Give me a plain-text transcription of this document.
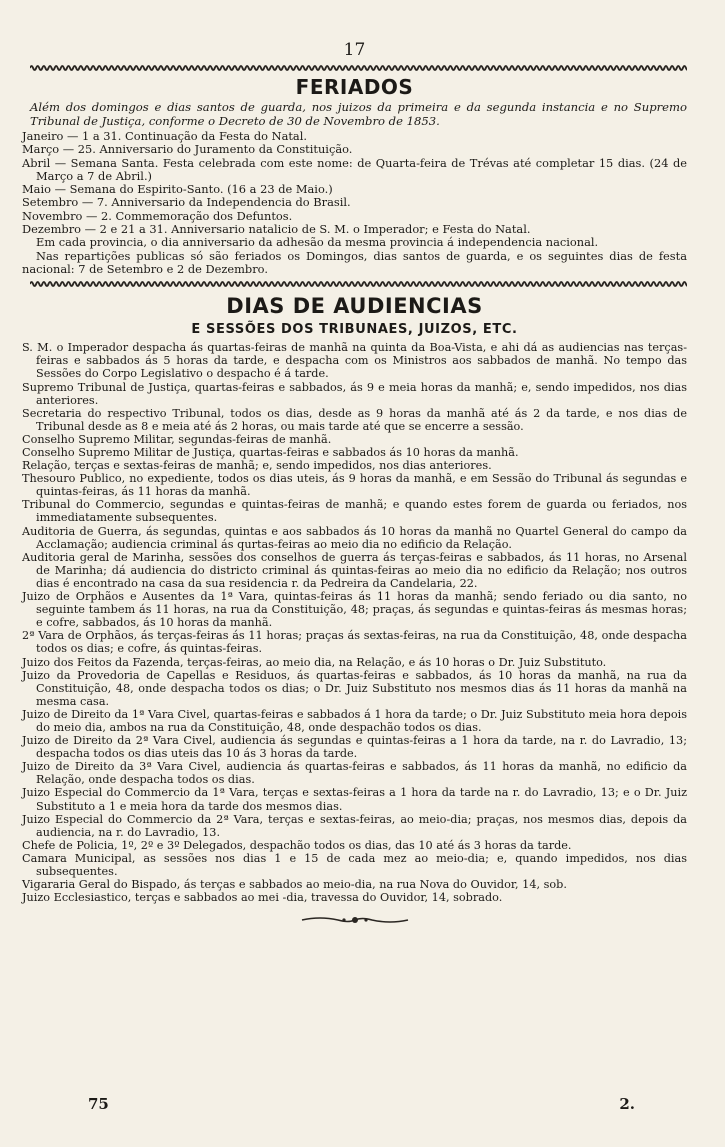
17
FERIADOS

Além dos domingos e dias santos de guarda, nos juizos da primeira e da segunda instancia e no Supremo Tribunal de Justiça, conforme o Decreto de 30 de Novembro de 1853.

Janeiro — 1 a 31. Continuação da Festa do Natal.

Março — 25. Anniversario do Juramento da Constituição.

Abril — Semana Santa. Festa celebrada com este nome: de Quarta-feira de Trévas até completar 15 dias. (24 de Março a 7 de Abril.)

Maio — Semana do Espirito-Santo. (16 a 23 de Maio.)

Setembro — 7. Anniversario da Independencia do Brasil.

Novembro — 2. Commemoração dos Defuntos.

Dezembro — 2 e 21 a 31. Anniversario natalicio de S. M. o Imperador; e Festa do Natal.

Em cada provincia, o dia anniversario da adhesão da mesma provincia á independencia nacional.

Nas repartições publicas só são feriados os Domingos, dias santos de guarda, e os seguintes dias de festa nacional: 7 de Setembro e 2 de Dezembro.

DIAS DE AUDIENCIAS
E SESSÕES DOS TRIBUNAES, JUIZOS, ETC.

S. M. o Imperador despacha ás quartas-feiras de manhã na quinta da Boa-Vista, e ahi dá as audiencias nas terças-feiras e sabbados ás 5 horas da tarde, e despacha com os Ministros aos sabbados de manhã. No tempo das Sessões do Corpo Legislativo o despacho é á tarde.

Supremo Tribunal de Justiça, quartas-feiras e sabbados, ás 9 e meia horas da manhã; e, sendo impedidos, nos dias anteriores.

Secretaria do respectivo Tribunal, todos os dias, desde as 9 horas da manhã até ás 2 da tarde, e nos dias de Tribunal desde as 8 e meia até ás 2 horas, ou mais tarde até que se encerre a sessão.

Conselho Supremo Militar, segundas-feiras de manhã.

Conselho Supremo Militar de Justiça, quartas-feiras e sabbados ás 10 horas da manhã.

Relação, terças e sextas-feiras de manhã; e, sendo impedidos, nos dias anteriores.

Thesouro Publico, no expediente, todos os dias uteis, ás 9 horas da manhã, e em Sessão do Tribunal ás segundas e quintas-feiras, ás 11 horas da manhã.

Tribunal do Commercio, segundas e quintas-feiras de manhã; e quando estes forem de guarda ou feriados, nos immediatamente subsequentes.

Auditoria de Guerra, ás segundas, quintas e aos sabbados ás 10 horas da manhã no Quartel General do campo da Acclamação; audiencia criminal ás qurtas-feiras ao meio dia no edificio da Relação.

Auditoria geral de Marinha, sessões dos conselhos de guerra ás terças-feiras e sabbados, ás 11 horas, no Arsenal de Marinha; dá audiencia do districto criminal ás quintas-feiras ao meio dia no edificio da Relação; nos outros dias é encontrado na casa da sua residencia r. da Pedreira da Candelaria, 22.

Juizo de Orphãos e Ausentes da 1ª Vara, quintas-feiras ás 11 horas da manhã; sendo feriado ou dia santo, no seguinte tambem ás 11 horas, na rua da Constituição, 48; praças, ás segundas e quintas-feiras ás mesmas horas; e cofre, sabbados, ás 10 horas da manhã.

2ª Vara de Orphãos, ás terças-feiras ás 11 horas; praças ás sextas-feiras, na rua da Constituição, 48, onde despacha todos os dias; e cofre, ás quintas-feiras.

Juizo dos Feitos da Fazenda, terças-feiras, ao meio dia, na Relação, e ás 10 horas o Dr. Juiz Substituto.

Juizo da Provedoria de Capellas e Residuos, ás quartas-feiras e sabbados, ás 10 horas da manhã, na rua da Constituição, 48, onde despacha todos os dias; o Dr. Juiz Substituto nos mesmos dias ás 11 horas da manhã na mesma casa.

Juizo de Direito da 1ª Vara Civel, quartas-feiras e sabbados á 1 hora da tarde; o Dr. Juiz Substituto meia hora depois do meio dia, ambos na rua da Constituição, 48, onde despachão todos os dias.

Juizo de Direito da 2ª Vara Civel, audiencia ás segundas e quintas-feiras a 1 hora da tarde, na r. do Lavradio, 13; despacha todos os dias uteis das 10 ás 3 horas da tarde.

Juizo de Direito da 3ª Vara Civel, audiencia ás quartas-feiras e sabbados, ás 11 horas da manhã, no edificio da Relação, onde despacha todos os dias.

Juizo Especial do Commercio da 1ª Vara, terças e sextas-feiras a 1 hora da tarde na r. do Lavradio, 13; e o Dr. Juiz Substituto a 1 e meia hora da tarde dos mesmos dias.

Juizo Especial do Commercio da 2ª Vara, terças e sextas-feiras, ao meio-dia; praças, nos mesmos dias, depois da audiencia, na r. do Lavradio, 13.

Chefe de Policia, 1º, 2º e 3º Delegados, despachão todos os dias, das 10 até ás 3 horas da tarde.

Camara Municipal, as sessões nos dias 1 e 15 de cada mez ao meio-dia; e, quando impedidos, nos dias subsequentes.

Vigararia Geral do Bispado, ás terças e sabbados ao meio-dia, na rua Nova do Ouvidor, 14, sob.

Juizo Ecclesiastico, terças e sabbados ao mei -dia, travessa do Ouvidor, 14, sobrado.

75	2.
